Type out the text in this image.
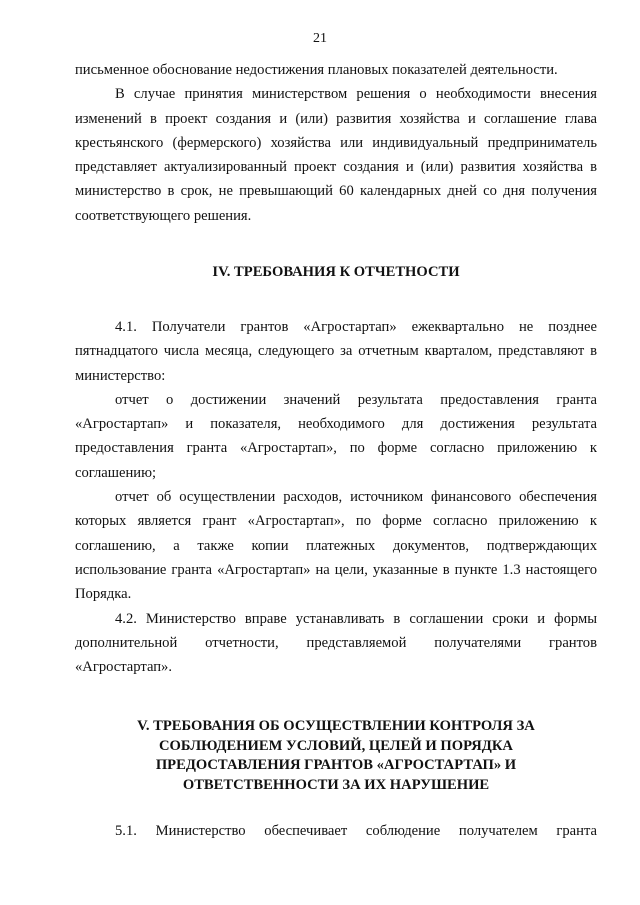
21

письменное обоснование недостижения плановых показателей деятельности.

В случае принятия министерством решения о необходимости внесения изменений в проект создания и (или) развития хозяйства и соглашение глава крестьянского (фермерского) хозяйства или индивидуальный предприниматель представляет актуализированный проект создания и (или) развития хозяйства в министерство в срок, не превышающий 60 календарных дней со дня получения соответствующего решения.

IV. ТРЕБОВАНИЯ К ОТЧЕТНОСТИ

4.1. Получатели грантов «Агростартап» ежеквартально не позднее пятнадцатого числа месяца, следующего за отчетным кварталом, представляют в министерство:

отчет о достижении значений результата предоставления гранта «Агростартап» и показателя, необходимого для достижения результата предоставления гранта «Агростартап», по форме согласно приложению к соглашению;

отчет об осуществлении расходов, источником финансового обеспечения которых является грант «Агростартап», по форме согласно приложению к соглашению, а также копии платежных документов, подтверждающих использование гранта «Агростартап» на цели, указанные в пункте 1.3 настоящего Порядка.

4.2. Министерство вправе устанавливать в соглашении сроки и формы дополнительной отчетности, представляемой получателями грантов «Агростартап».

V. ТРЕБОВАНИЯ ОБ ОСУЩЕСТВЛЕНИИ КОНТРОЛЯ ЗА
СОБЛЮДЕНИЕМ УСЛОВИЙ, ЦЕЛЕЙ И ПОРЯДКА
ПРЕДОСТАВЛЕНИЯ ГРАНТОВ «АГРОСТАРТАП» И
ОТВЕТСТВЕННОСТИ ЗА ИХ НАРУШЕНИЕ

5.1. Министерство обеспечивает соблюдение получателем гранта
